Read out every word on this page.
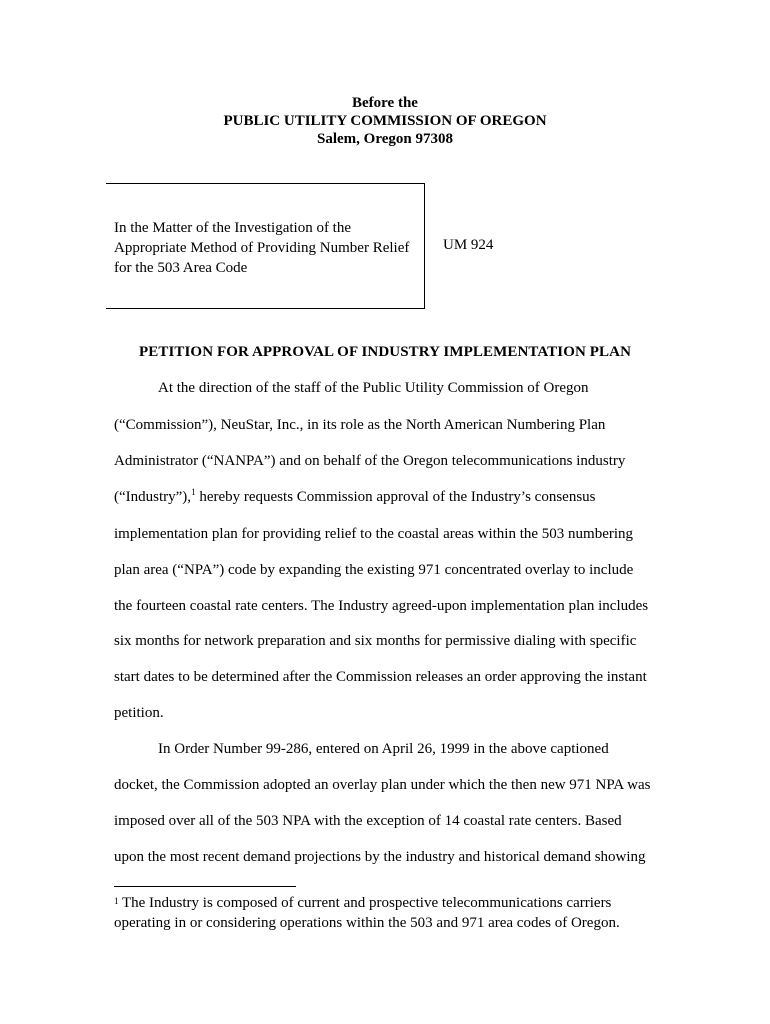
Before the
PUBLIC UTILITY COMMISSION OF OREGON
Salem, Oregon 97308
In the Matter of the Investigation of the
Appropriate Method of Providing Number Relief
for the 503 Area Code
UM 924
PETITION FOR APPROVAL OF INDUSTRY IMPLEMENTATION PLAN
At the direction of the staff of the Public Utility Commission of Oregon
(“Commission”), NeuStar, Inc., in its role as the North American Numbering Plan
Administrator (“NANPA”) and on behalf of the Oregon telecommunications industry
(“Industry”),$^1$ hereby requests Commission approval of the Industry’s consensus
implementation plan for providing relief to the coastal areas within the 503 numbering
plan area (“NPA”) code by expanding the existing 971 concentrated overlay to include
the fourteen coastal rate centers. The Industry agreed-upon implementation plan includes
six months for network preparation and six months for permissive dialing with specific
start dates to be determined after the Commission releases an order approving the instant
petition.
In Order Number 99-286, entered on April 26, 1999 in the above captioned
docket, the Commission adopted an overlay plan under which the then new 971 NPA was
imposed over all of the 503 NPA with the exception of 14 coastal rate centers. Based
upon the most recent demand projections by the industry and historical demand showing
$^1$ The Industry is composed of current and prospective telecommunications carriers
operating in or considering operations within the 503 and 971 area codes of Oregon.
